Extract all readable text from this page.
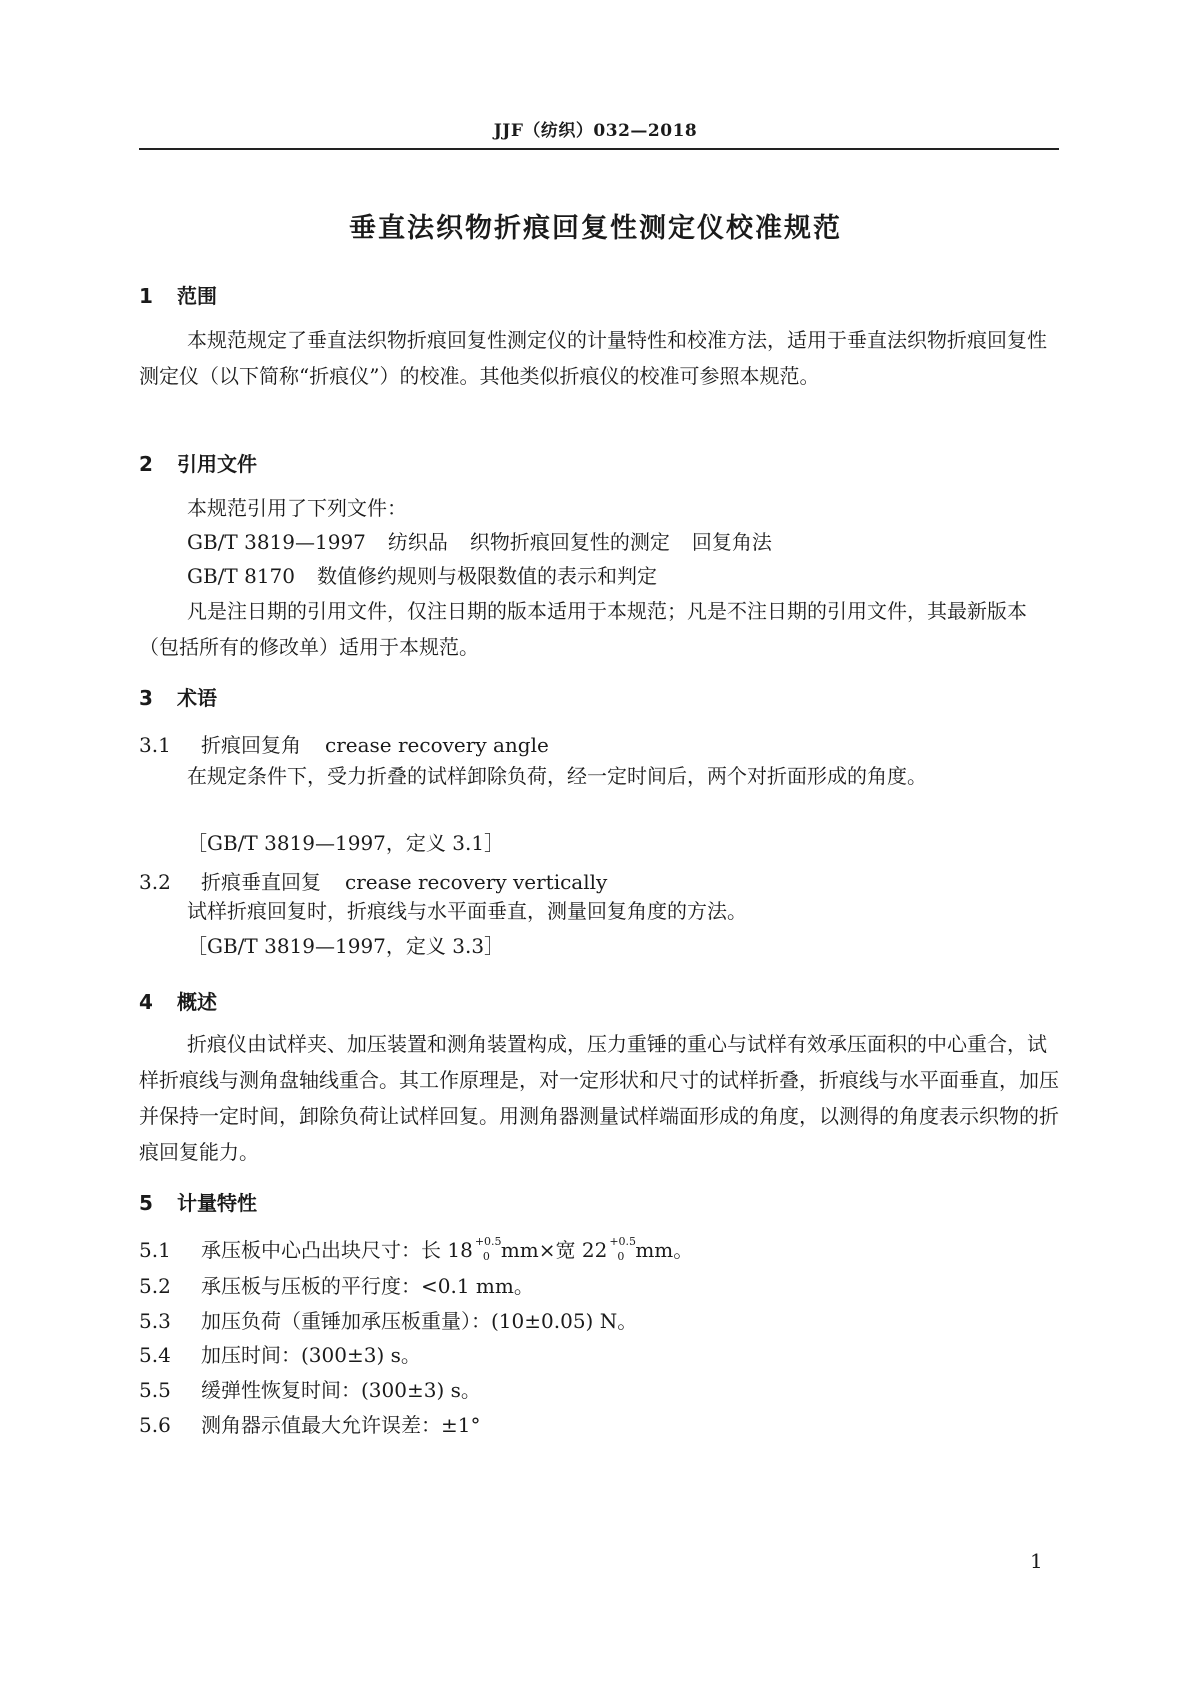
JJF（纺织）032—2018
垂直法织物折痕回复性测定仪校准规范
1 范围
本规范规定了垂直法织物折痕回复性测定仪的计量特性和校准方法，适用于垂直法织物折痕回复性测定仪（以下简称“折痕仪”）的校准。其他类似折痕仪的校准可参照本规范。
2 引用文件
本规范引用了下列文件：
GB/T 3819—1997 纺织品 织物折痕回复性的测定 回复角法
GB/T 8170 数值修约规则与极限数值的表示和判定
凡是注日期的引用文件，仅注日期的版本适用于本规范；凡是不注日期的引用文件，其最新版本（包括所有的修改单）适用于本规范。
3 术语
3.1 折痕回复角 crease recovery angle
在规定条件下，受力折叠的试样卸除负荷，经一定时间后，两个对折面形成的角度。
［GB/T 3819—1997，定义 3.1］
3.2 折痕垂直回复 crease recovery vertically
试样折痕回复时，折痕线与水平面垂直，测量回复角度的方法。
［GB/T 3819—1997，定义 3.3］
4 概述
折痕仪由试样夹、加压装置和测角装置构成，压力重锤的重心与试样有效承压面积的中心重合，试样折痕线与测角盘轴线重合。其工作原理是，对一定形状和尺寸的试样折叠，折痕线与水平面垂直，加压并保持一定时间，卸除负荷让试样回复。用测角器测量试样端面形成的角度，以测得的角度表示织物的折痕回复能力。
5 计量特性
5.1 承压板中心凸出块尺寸：长 18 +0.5
0 mm×宽 22 +0.5
0 mm。
5.2 承压板与压板的平行度：<0.1 mm。
5.3 加压负荷（重锤加承压板重量）：(10±0.05) N。
5.4 加压时间：(300±3) s。
5.5 缓弹性恢复时间：(300±3) s。
5.6 测角器示值最大允许误差：±1°
1
